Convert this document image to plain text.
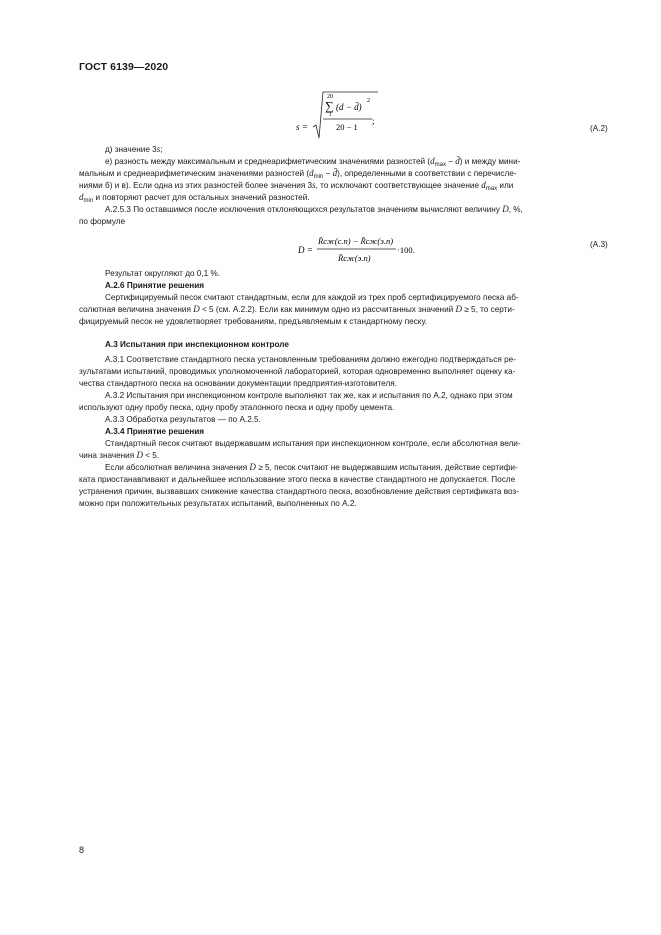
ГОСТ 6139—2020
s =
20
∑
1
(d − d̄)
2
20 − 1
;
(А.2)
д) значение 3s;
е) разность между максимальным и среднеарифметическим значениями разностей ($d_{max}$ − d̄) и между мини-
мальным и среднеарифметическим значениями разностей ($d_{min}$ − d̄), определенными в соответствии с перечисле-
ниями б) и в). Если одна из этих разностей более значения 3s, то исключают соответствующее значение $d_{max}$ или
$d_{min}$ и повторяют расчет для остальных значений разностей.
А.2.5.3 По оставшимся после исключения отклоняющихся результатов значениям вычисляют величину D, %,
по формуле
D =
R̄сж(с.п) − R̄сж(э.п)
R̄сж(э.п)
·100.
(А.3)
Результат округляют до 0,1 %.
А.2.6 Принятие решения
Сертифицируемый песок считают стандартным, если для каждой из трех проб сертифицируемого песка аб-
солютная величина значения D < 5 (см. А.2.2). Если как минимум одно из рассчитанных значений D ≥ 5, то серти-
фицируемый песок не удовлетворяет требованиям, предъявляемым к стандартному песку.
А.3 Испытания при инспекционном контроле
А.3.1 Соответствие стандартного песка установленным требованиям должно ежегодно подтверждаться ре-
зультатами испытаний, проводимых уполномоченной лабораторией, которая одновременно выполняет оценку ка-
чества стандартного песка на основании документации предприятия-изготовителя.
А.3.2 Испытания при инспекционном контроле выполняют так же, как и испытания по А.2, однако при этом
используют одну пробу песка, одну пробу эталонного песка и одну пробу цемента.
А.3.3 Обработка результатов — по А.2.5.
А.3.4 Принятие решения
Стандартный песок считают выдержавшим испытания при инспекционном контроле, если абсолютная вели-
чина значения D < 5.
Если абсолютная величина значения D ≥ 5, песок считают не выдержавшим испытания, действие сертифи-
ката приостанавливают и дальнейшее использование этого песка в качестве стандартного не допускается. После
устранения причин, вызвавших снижение качества стандартного песка, возобновление действия сертификата воз-
можно при положительных результатах испытаний, выполненных по А.2.
8
